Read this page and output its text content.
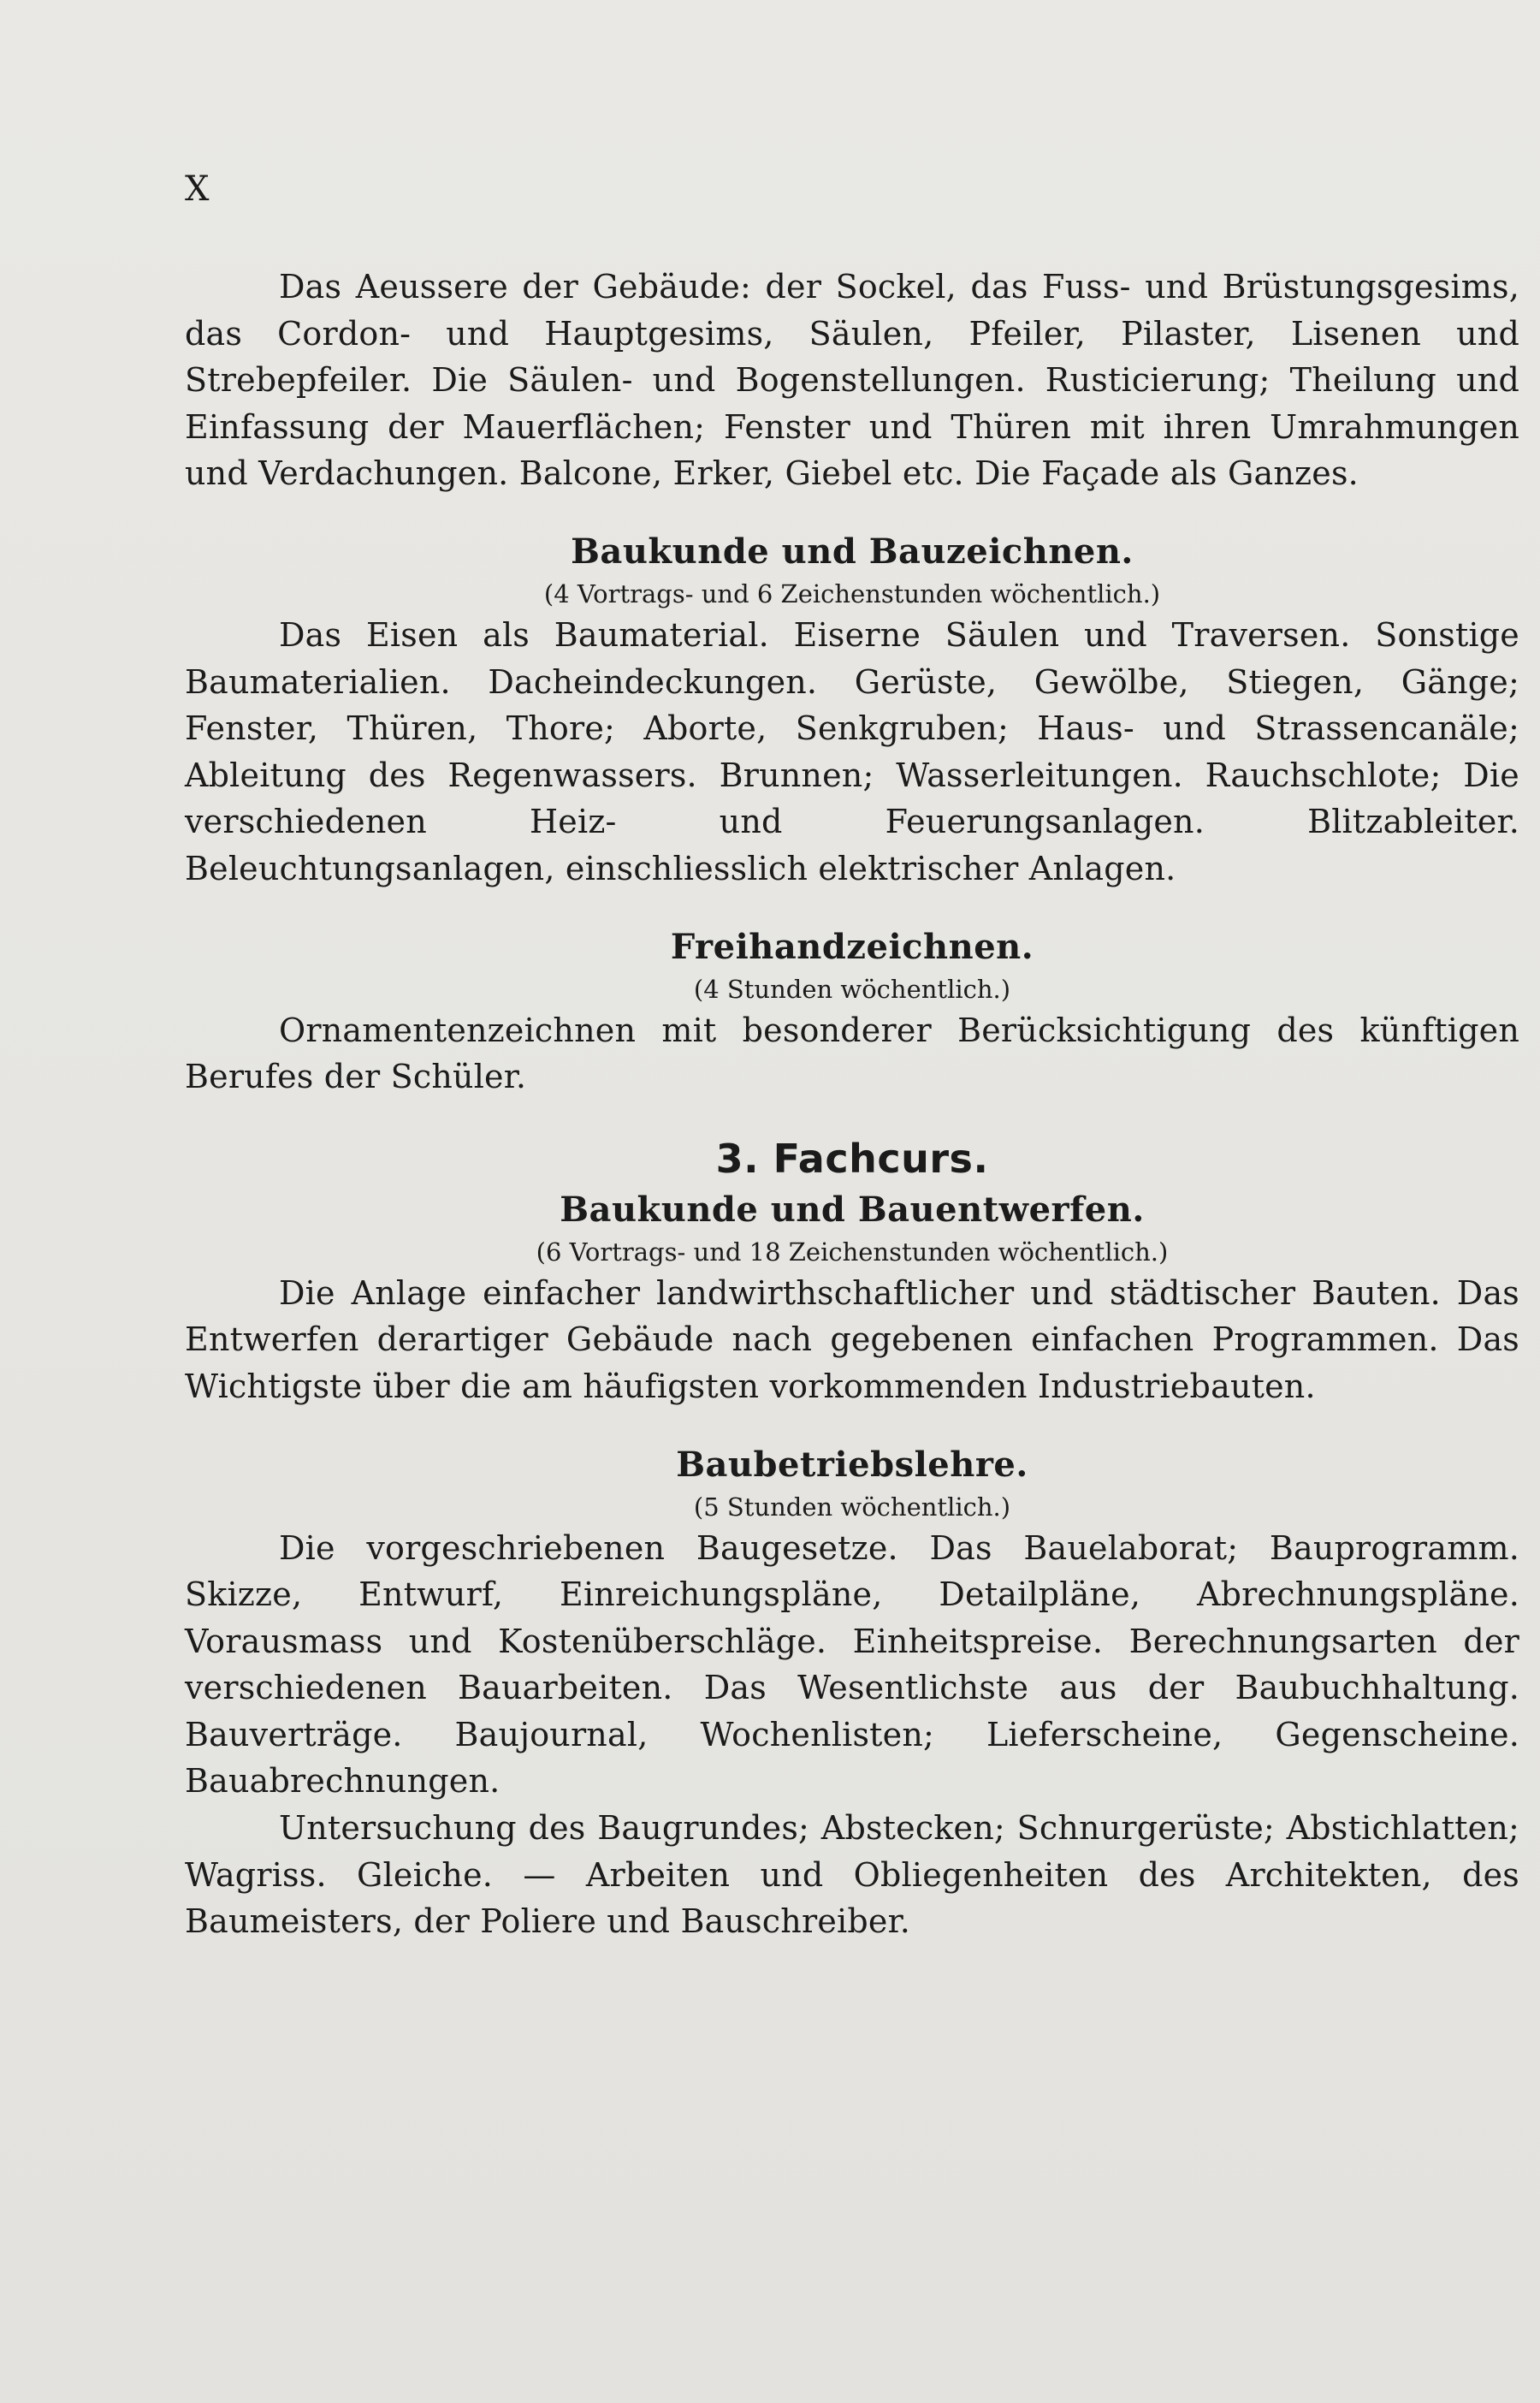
X

Das Aeussere der Gebäude: der Sockel, das Fuss- und Brüstungsgesims, das Cordon- und Hauptgesims, Säulen, Pfeiler, Pilaster, Lisenen und Strebepfeiler. Die Säulen- und Bogenstellungen. Rusticierung; Theilung und Einfassung der Mauerflächen; Fenster und Thüren mit ihren Umrahmungen und Verdachungen. Balcone, Erker, Giebel etc. Die Façade als Ganzes.

Baukunde und Bauzeichnen.
(4 Vortrags- und 6 Zeichenstunden wöchentlich.)

Das Eisen als Baumaterial. Eiserne Säulen und Traversen. Sonstige Baumaterialien. Dacheindeckungen. Gerüste, Gewölbe, Stiegen, Gänge; Fenster, Thüren, Thore; Aborte, Senkgruben; Haus- und Strassencanäle; Ableitung des Regenwassers. Brunnen; Wasserleitungen. Rauchschlote; Die verschiedenen Heiz- und Feuerungsanlagen. Blitzableiter. Beleuchtungsanlagen, einschliesslich elektrischer Anlagen.

Freihandzeichnen.
(4 Stunden wöchentlich.)

Ornamentenzeichnen mit besonderer Berücksichtigung des künftigen Berufes der Schüler.

3. Fachcurs.
Baukunde und Bauentwerfen.
(6 Vortrags- und 18 Zeichenstunden wöchentlich.)

Die Anlage einfacher landwirthschaftlicher und städtischer Bauten. Das Entwerfen derartiger Gebäude nach gegebenen einfachen Programmen. Das Wichtigste über die am häufigsten vorkommenden Industriebauten.

Baubetriebslehre.
(5 Stunden wöchentlich.)

Die vorgeschriebenen Baugesetze. Das Bauelaborat; Bauprogramm. Skizze, Entwurf, Einreichungspläne, Detailpläne, Abrechnungspläne. Vorausmass und Kostenüberschläge. Einheitspreise. Berechnungsarten der verschiedenen Bauarbeiten. Das Wesentlichste aus der Baubuchhaltung. Bauverträge. Baujournal, Wochenlisten; Lieferscheine, Gegenscheine. Bauabrechnungen.

Untersuchung des Baugrundes; Abstecken; Schnurgerüste; Abstichlatten; Wagriss. Gleiche. — Arbeiten und Obliegenheiten des Architekten, des Baumeisters, der Poliere und Bauschreiber.
